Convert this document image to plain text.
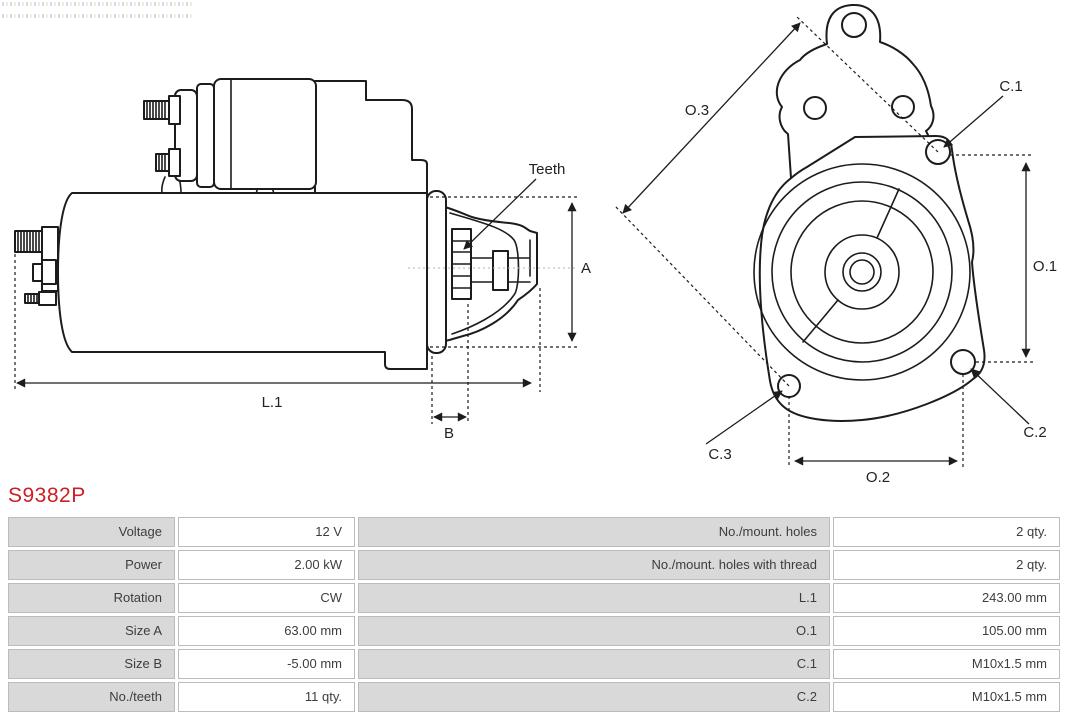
A
L.1
B
Teeth
O.3
O.1
O.2
C.1
C.2
C.3
S9382P
Voltage	12 V	No./mount. holes	2 qty.
Power	2.00 kW	No./mount. holes with thread	2 qty.
Rotation	CW	L.1	243.00 mm
Size A	63.00 mm	O.1	105.00 mm
Size B	-5.00 mm	C.1	M10x1.5 mm
No./teeth	11 qty.	C.2	M10x1.5 mm
